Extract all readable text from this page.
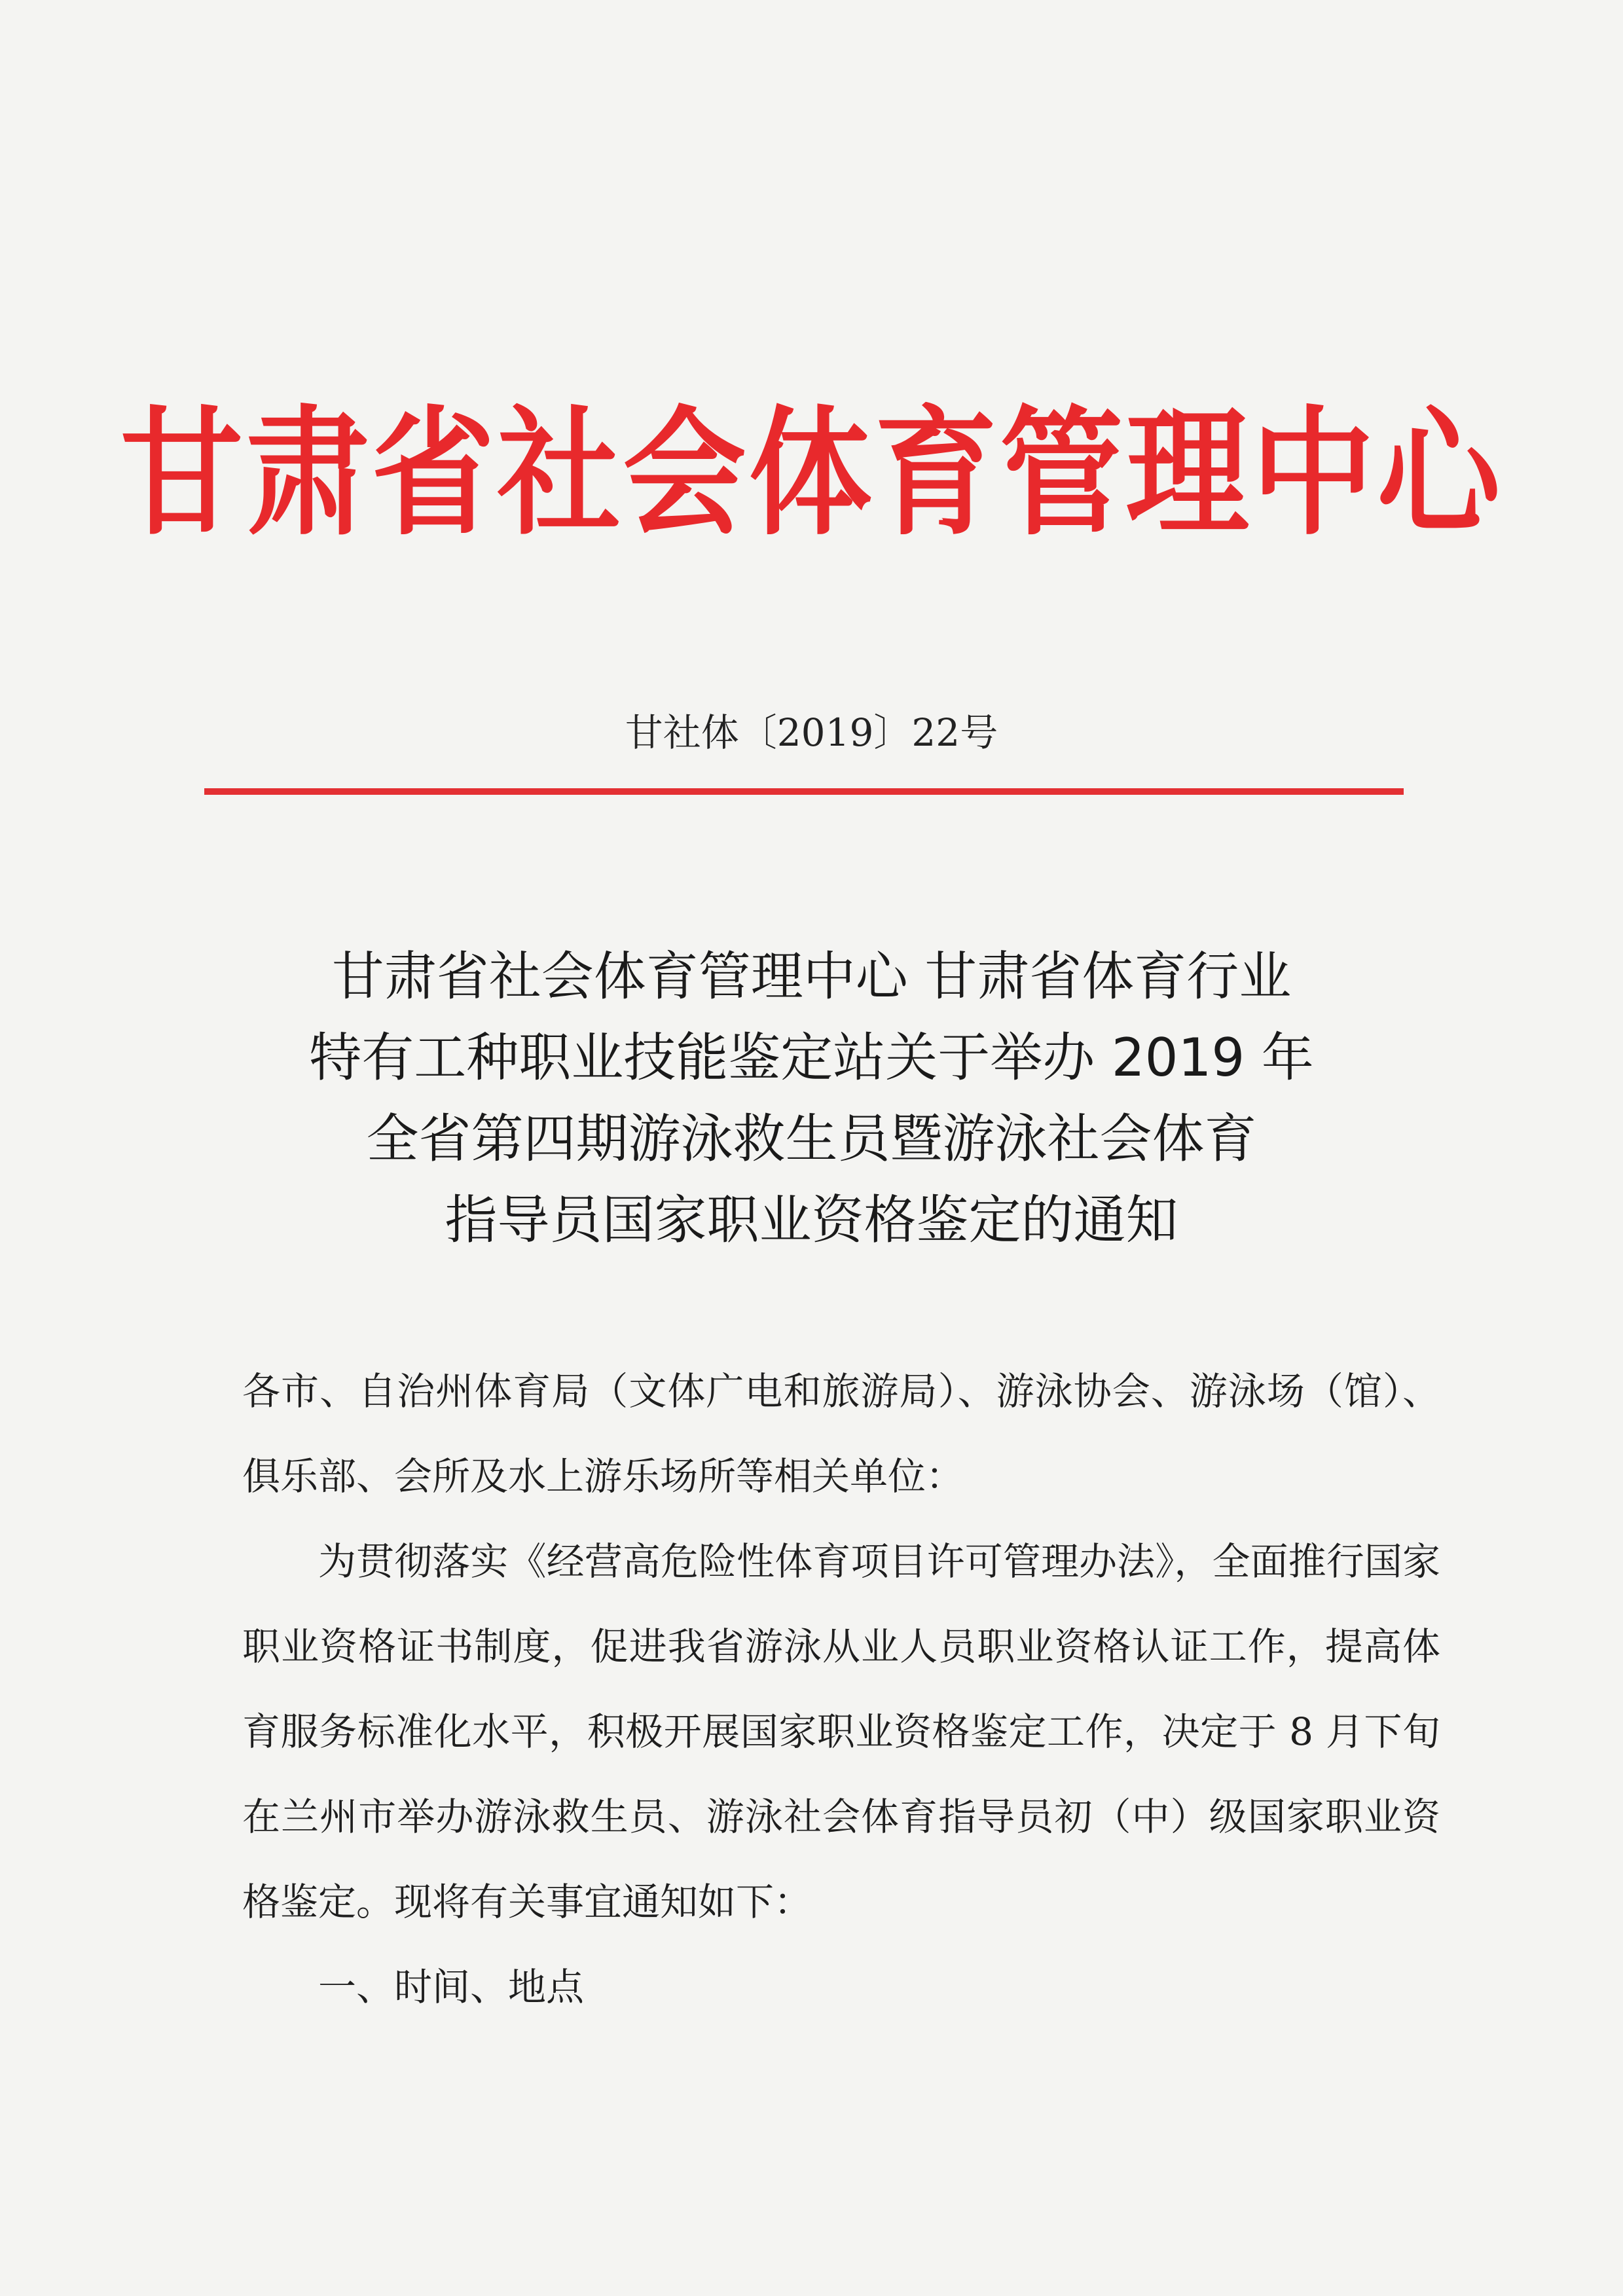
甘肃省社会体育管理中心
甘社体〔2019〕22号
甘肃省社会体育管理中心 甘肃省体育行业
特有工种职业技能鉴定站关于举办 2019 年
全省第四期游泳救生员暨游泳社会体育
指导员国家职业资格鉴定的通知

各市、自治州体育局（文体广电和旅游局）、游泳协会、游泳场（馆）、俱乐部、会所及水上游乐场所等相关单位：

为贯彻落实《经营高危险性体育项目许可管理办法》，全面推行国家职业资格证书制度，促进我省游泳从业人员职业资格认证工作，提高体育服务标准化水平，积极开展国家职业资格鉴定工作，决定于 8 月下旬在兰州市举办游泳救生员、游泳社会体育指导员初（中）级国家职业资格鉴定。现将有关事宜通知如下：

一、时间、地点
